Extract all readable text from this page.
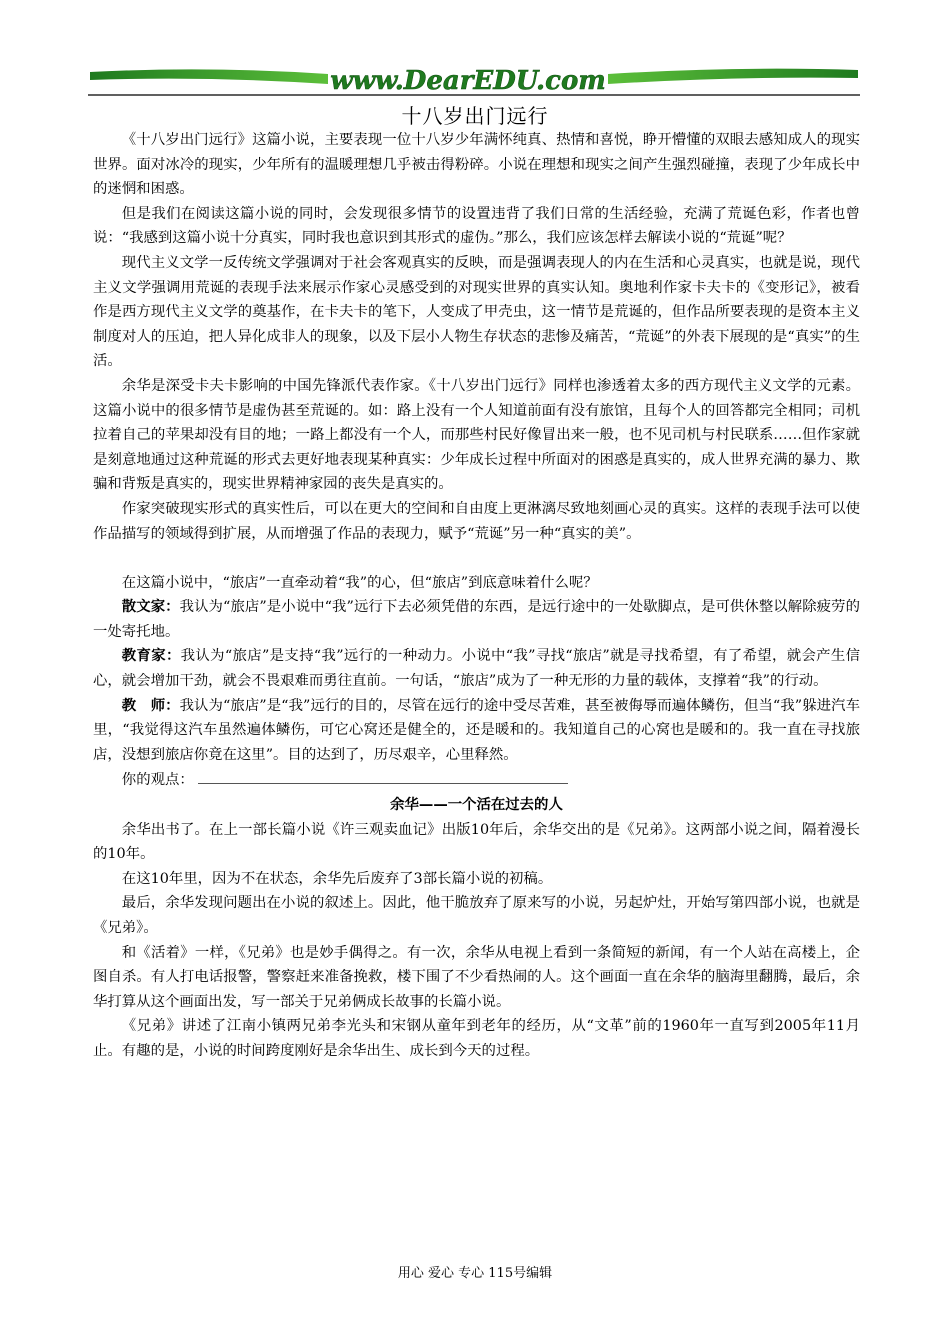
www.DearEDU.com
十八岁出门远行

《十八岁出门远行》这篇小说，主要表现一位十八岁少年满怀纯真、热情和喜悦，睁开懵懂的双眼去感知成人的现实世界。面对冰冷的现实，少年所有的温暖理想几乎被击得粉碎。小说在理想和现实之间产生强烈碰撞，表现了少年成长中的迷惘和困惑。

但是我们在阅读这篇小说的同时，会发现很多情节的设置违背了我们日常的生活经验，充满了荒诞色彩，作者也曾说：“我感到这篇小说十分真实，同时我也意识到其形式的虚伪。”那么，我们应该怎样去解读小说的“荒诞”呢？

现代主义文学一反传统文学强调对于社会客观真实的反映，而是强调表现人的内在生活和心灵真实，也就是说，现代主义文学强调用荒诞的表现手法来展示作家心灵感受到的对现实世界的真实认知。奥地利作家卡夫卡的《变形记》，被看作是西方现代主义文学的奠基作，在卡夫卡的笔下，人变成了甲壳虫，这一情节是荒诞的，但作品所要表现的是资本主义制度对人的压迫，把人异化成非人的现象，以及下层小人物生存状态的悲惨及痛苦，“荒诞”的外表下展现的是“真实”的生活。

余华是深受卡夫卡影响的中国先锋派代表作家。《十八岁出门远行》同样也渗透着太多的西方现代主义文学的元素。这篇小说中的很多情节是虚伪甚至荒诞的。如：路上没有一个人知道前面有没有旅馆，且每个人的回答都完全相同；司机拉着自己的苹果却没有目的地；一路上都没有一个人，而那些村民好像冒出来一般，也不见司机与村民联系……但作家就是刻意地通过这种荒诞的形式去更好地表现某种真实：少年成长过程中所面对的困惑是真实的，成人世界充满的暴力、欺骗和背叛是真实的，现实世界精神家园的丧失是真实的。

作家突破现实形式的真实性后，可以在更大的空间和自由度上更淋漓尽致地刻画心灵的真实。这样的表现手法可以使作品描写的领域得到扩展，从而增强了作品的表现力，赋予“荒诞”另一种“真实的美”。

在这篇小说中，“旅店”一直牵动着“我”的心，但“旅店”到底意味着什么呢？

散文家：我认为“旅店”是小说中“我”远行下去必须凭借的东西，是远行途中的一处歇脚点，是可供休整以解除疲劳的一处寄托地。

教育家：我认为“旅店”是支持“我”远行的一种动力。小说中“我”寻找“旅店”就是寻找希望，有了希望，就会产生信心，就会增加干劲，就会不畏艰难而勇往直前。一句话，“旅店”成为了一种无形的力量的载体，支撑着“我”的行动。

教　师：我认为“旅店”是“我”远行的目的，尽管在远行的途中受尽苦难，甚至被侮辱而遍体鳞伤，但当“我”躲进汽车里，“我觉得这汽车虽然遍体鳞伤，可它心窝还是健全的，还是暖和的。我知道自己的心窝也是暖和的。我一直在寻找旅店，没想到旅店你竟在这里”。目的达到了，历尽艰辛，心里释然。

你的观点：

余华——一个活在过去的人

余华出书了。在上一部长篇小说《许三观卖血记》出版10年后，余华交出的是《兄弟》。这两部小说之间，隔着漫长的10年。

在这10年里，因为不在状态，余华先后废弃了3部长篇小说的初稿。

最后，余华发现问题出在小说的叙述上。因此，他干脆放弃了原来写的小说，另起炉灶，开始写第四部小说，也就是《兄弟》。

和《活着》一样，《兄弟》也是妙手偶得之。有一次，余华从电视上看到一条简短的新闻，有一个人站在高楼上，企图自杀。有人打电话报警，警察赶来准备挽救，楼下围了不少看热闹的人。这个画面一直在余华的脑海里翻腾，最后，余华打算从这个画面出发，写一部关于兄弟俩成长故事的长篇小说。

《兄弟》讲述了江南小镇两兄弟李光头和宋钢从童年到老年的经历，从“文革”前的1960年一直写到2005年11月止。有趣的是，小说的时间跨度刚好是余华出生、成长到今天的过程。

用心 爱心 专心 115号编辑
